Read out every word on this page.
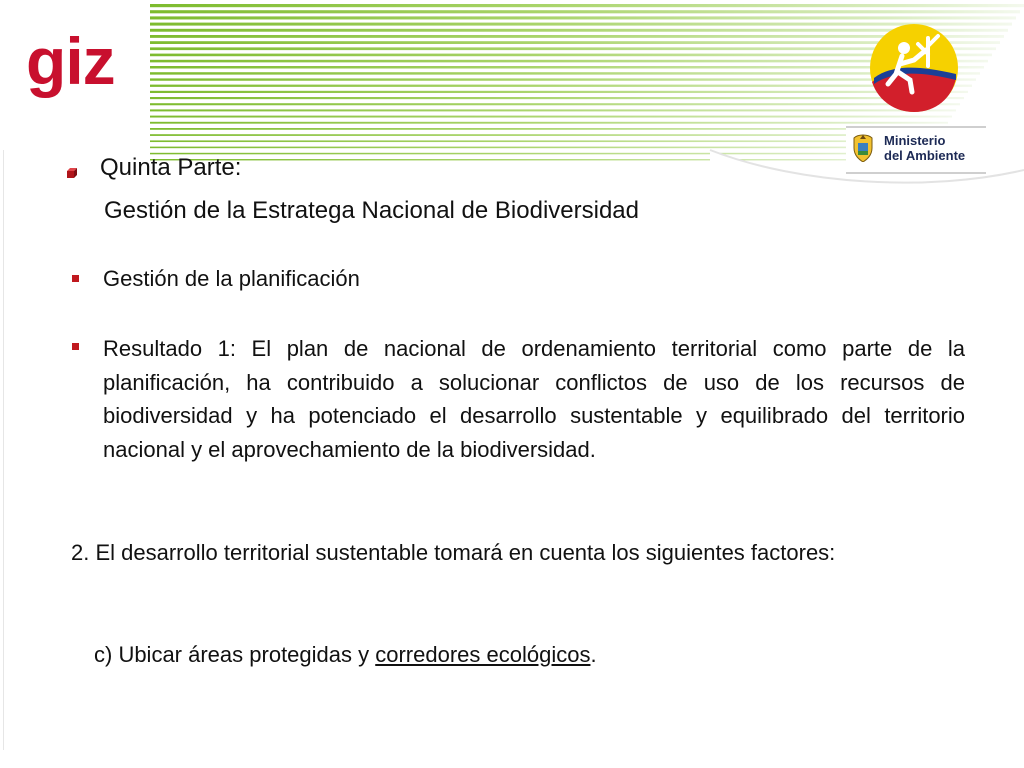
giz
Ministerio
del Ambiente
Quinta Parte:
Gestión de la Estratega Nacional de Biodiversidad
Gestión de la planificación
Resultado 1: El plan de nacional de ordenamiento territorial como parte de la planificación, ha contribuido a solucionar conflictos de uso de los recursos de biodiversidad y ha potenciado el desarrollo sustentable y equilibrado del territorio nacional y el aprovechamiento de la biodiversidad.
2. El desarrollo territorial sustentable tomará en cuenta los siguientes factores:
c) Ubicar áreas protegidas y corredores ecológicos.
